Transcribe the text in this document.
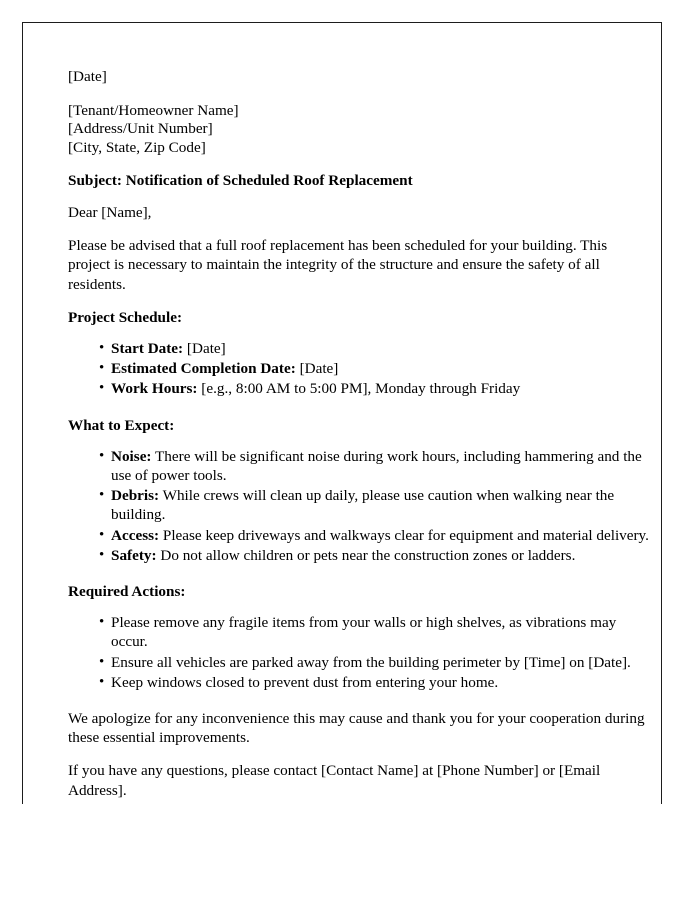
[Date]

[Tenant/Homeowner Name]
[Address/Unit Number]
[City, State, Zip Code]

Subject: Notification of Scheduled Roof Replacement

Dear [Name],

Please be advised that a full roof replacement has been scheduled for your building. This project is necessary to maintain the integrity of the structure and ensure the safety of all residents.

Project Schedule:

• Start Date: [Date]
• Estimated Completion Date: [Date]
• Work Hours: [e.g., 8:00 AM to 5:00 PM], Monday through Friday

What to Expect:

• Noise: There will be significant noise during work hours, including hammering and the use of power tools.
• Debris: While crews will clean up daily, please use caution when walking near the building.
• Access: Please keep driveways and walkways clear for equipment and material delivery.
• Safety: Do not allow children or pets near the construction zones or ladders.

Required Actions:

• Please remove any fragile items from your walls or high shelves, as vibrations may occur.
• Ensure all vehicles are parked away from the building perimeter by [Time] on [Date].
• Keep windows closed to prevent dust from entering your home.

We apologize for any inconvenience this may cause and thank you for your cooperation during these essential improvements.

If you have any questions, please contact [Contact Name] at [Phone Number] or [Email Address].
